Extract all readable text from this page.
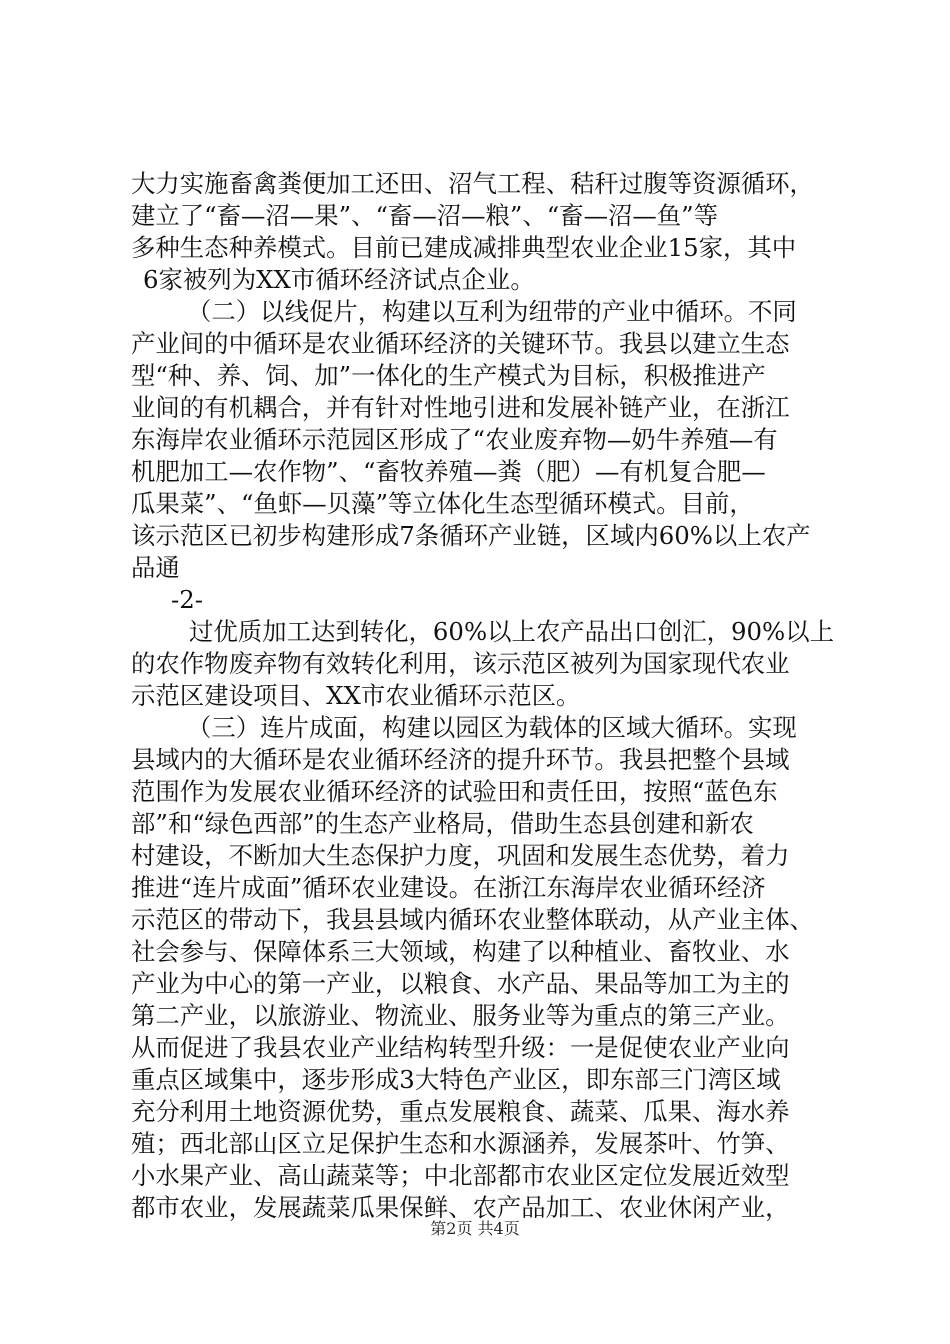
大力实施畜禽粪便加工还田、沼气工程、秸秆过腹等资源循环，
建立了“畜—沼—果”、“畜—沼—粮”、“畜—沼—鱼”等
多种生态种养模式。目前已建成减排典型农业企业15家，其中
6家被列为XX市循环经济试点企业。
（二）以线促片，构建以互利为纽带的产业中循环。不同
产业间的中循环是农业循环经济的关键环节。我县以建立生态
型“种、养、饲、加”一体化的生产模式为目标，积极推进产
业间的有机耦合，并有针对性地引进和发展补链产业，在浙江
东海岸农业循环示范园区形成了“农业废弃物—奶牛养殖—有
机肥加工—农作物”、“畜牧养殖—粪（肥）—有机复合肥—
瓜果菜”、“鱼虾—贝藻”等立体化生态型循环模式。目前，
该示范区已初步构建形成7条循环产业链，区域内60%以上农产
品通
-2-
过优质加工达到转化，60%以上农产品出口创汇，90%以上
的农作物废弃物有效转化利用，该示范区被列为国家现代农业
示范区建设项目、XX市农业循环示范区。
（三）连片成面，构建以园区为载体的区域大循环。实现
县域内的大循环是农业循环经济的提升环节。我县把整个县域
范围作为发展农业循环经济的试验田和责任田，按照“蓝色东
部”和“绿色西部”的生态产业格局，借助生态县创建和新农
村建设，不断加大生态保护力度，巩固和发展生态优势，着力
推进“连片成面”循环农业建设。在浙江东海岸农业循环经济
示范区的带动下，我县县域内循环农业整体联动，从产业主体、
社会参与、保障体系三大领域，构建了以种植业、畜牧业、水
产业为中心的第一产业，以粮食、水产品、果品等加工为主的
第二产业，以旅游业、物流业、服务业等为重点的第三产业。
从而促进了我县农业产业结构转型升级：一是促使农业产业向
重点区域集中，逐步形成3大特色产业区，即东部三门湾区域
充分利用土地资源优势，重点发展粮食、蔬菜、瓜果、海水养
殖；西北部山区立足保护生态和水源涵养，发展茶叶、竹笋、
小水果产业、高山蔬菜等；中北部都市农业区定位发展近效型
都市农业，发展蔬菜瓜果保鲜、农产品加工、农业休闲产业，
第2页 共4页
